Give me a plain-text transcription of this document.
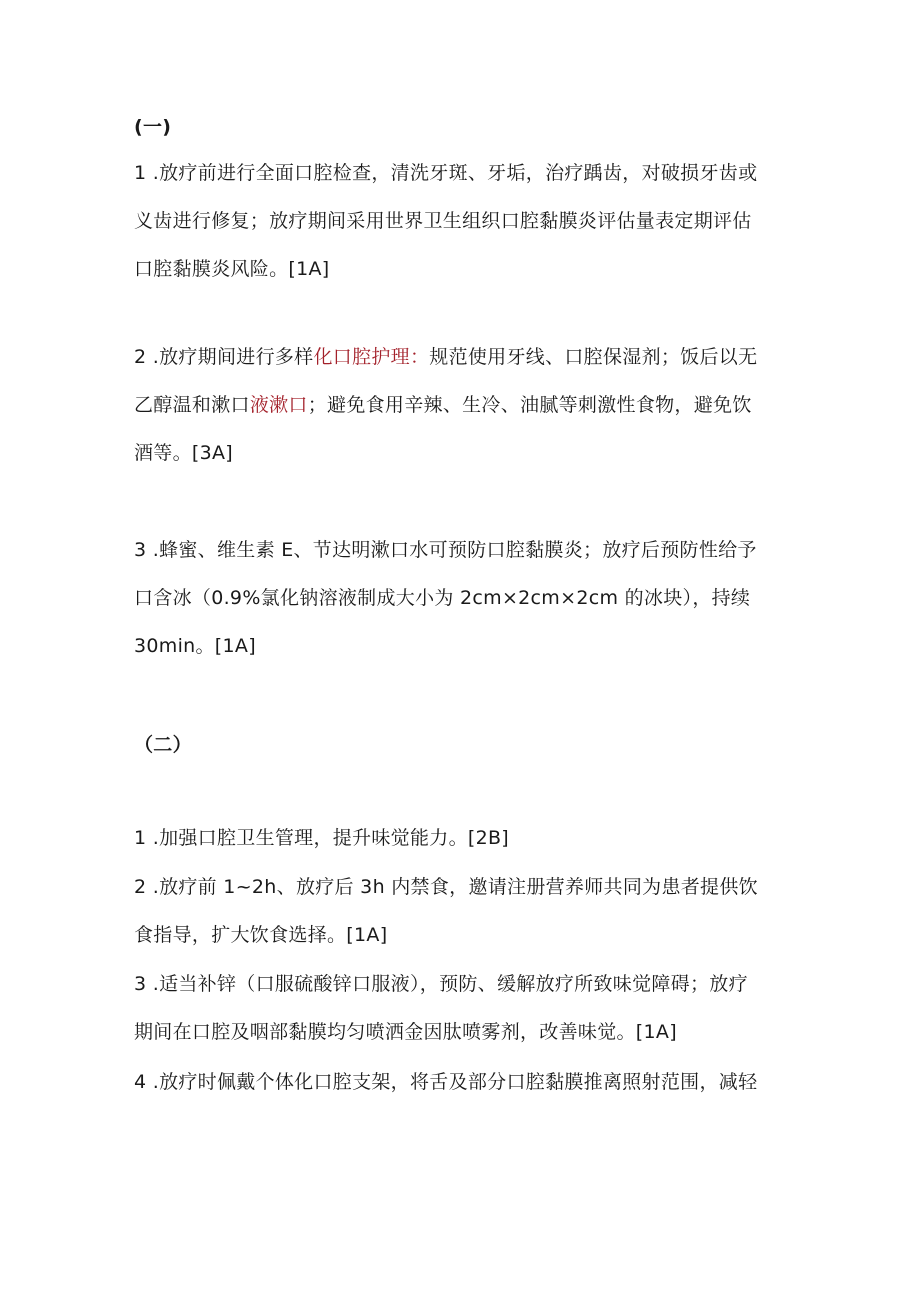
(一)
1 .放疗前进行全面口腔检查，清洗牙斑、牙垢，治疗踽齿，对破损牙齿或
义齿进行修复；放疗期间采用世界卫生组织口腔黏膜炎评估量表定期评估
口腔黏膜炎风险。[1A]
2 .放疗期间进行多样化口腔护理：规范使用牙线、口腔保湿剂；饭后以无
乙醇温和漱口液漱口；避免食用辛辣、生冷、油腻等刺激性食物，避免饮
酒等。[3A]
3 .蜂蜜、维生素 E、节达明漱口水可预防口腔黏膜炎；放疗后预防性给予
口含冰（0.9%氯化钠溶液制成大小为 2cm×2cm×2cm 的冰块），持续
30min。[1A]
（二）
1 .加强口腔卫生管理，提升味觉能力。[2B]
2 .放疗前 1~2h、放疗后 3h 内禁食，邀请注册营养师共同为患者提供饮
食指导，扩大饮食选择。[1A]
3 .适当补锌（口服硫酸锌口服液），预防、缓解放疗所致味觉障碍；放疗
期间在口腔及咽部黏膜均匀喷洒金因肽喷雾剂，改善味觉。[1A]
4 .放疗时佩戴个体化口腔支架，将舌及部分口腔黏膜推离照射范围，减轻
